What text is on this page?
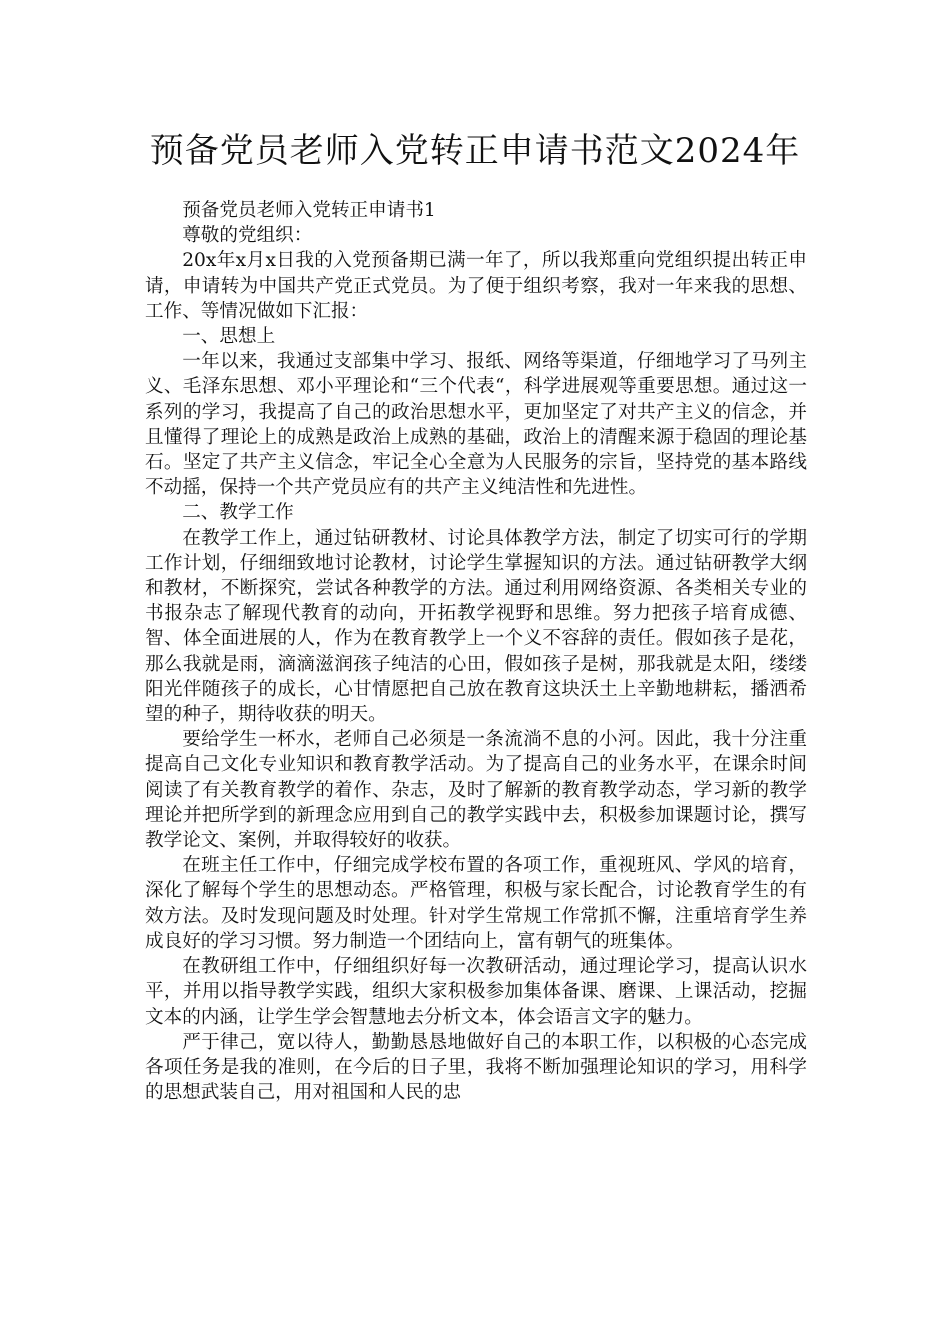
预备党员老师入党转正申请书范文2024年

预备党员老师入党转正申请书1

尊敬的党组织：

20x年x月x日我的入党预备期已满一年了，所以我郑重向党组织提出转正申请，申请转为中国共产党正式党员。为了便于组织考察，我对一年来我的思想、工作、等情况做如下汇报：

一、思想上

一年以来，我通过支部集中学习、报纸、网络等渠道，仔细地学习了马列主义、毛泽东思想、邓小平理论和“三个代表“，科学进展观等重要思想。通过这一系列的学习，我提高了自己的政治思想水平，更加坚定了对共产主义的信念，并且懂得了理论上的成熟是政治上成熟的基础，政治上的清醒来源于稳固的理论基石。坚定了共产主义信念，牢记全心全意为人民服务的宗旨，坚持党的基本路线不动摇，保持一个共产党员应有的共产主义纯洁性和先进性。

二、教学工作

在教学工作上，通过钻研教材、讨论具体教学方法，制定了切实可行的学期工作计划，仔细细致地讨论教材，讨论学生掌握知识的方法。通过钻研教学大纲和教材，不断探究，尝试各种教学的方法。通过利用网络资源、各类相关专业的书报杂志了解现代教育的动向，开拓教学视野和思维。努力把孩子培育成德、智、体全面进展的人，作为在教育教学上一个义不容辞的责任。假如孩子是花，那么我就是雨，滴滴滋润孩子纯洁的心田，假如孩子是树，那我就是太阳，缕缕阳光伴随孩子的成长，心甘情愿把自己放在教育这块沃土上辛勤地耕耘，播洒希望的种子，期待收获的明天。

要给学生一杯水，老师自己必须是一条流淌不息的小河。因此，我十分注重提高自己文化专业知识和教育教学活动。为了提高自己的业务水平，在课余时间阅读了有关教育教学的着作、杂志，及时了解新的教育教学动态，学习新的教学理论并把所学到的新理念应用到自己的教学实践中去，积极参加课题讨论，撰写教学论文、案例，并取得较好的收获。

在班主任工作中，仔细完成学校布置的各项工作，重视班风、学风的培育，深化了解每个学生的思想动态。严格管理，积极与家长配合，讨论教育学生的有效方法。及时发现问题及时处理。针对学生常规工作常抓不懈，注重培育学生养成良好的学习习惯。努力制造一个团结向上，富有朝气的班集体。

在教研组工作中，仔细组织好每一次教研活动，通过理论学习，提高认识水平，并用以指导教学实践，组织大家积极参加集体备课、磨课、上课活动，挖掘文本的内涵，让学生学会智慧地去分析文本，体会语言文字的魅力。

严于律己，宽以待人，勤勤恳恳地做好自己的本职工作，以积极的心态完成各项任务是我的准则，在今后的日子里，我将不断加强理论知识的学习，用科学的思想武装自己，用对祖国和人民的忠
